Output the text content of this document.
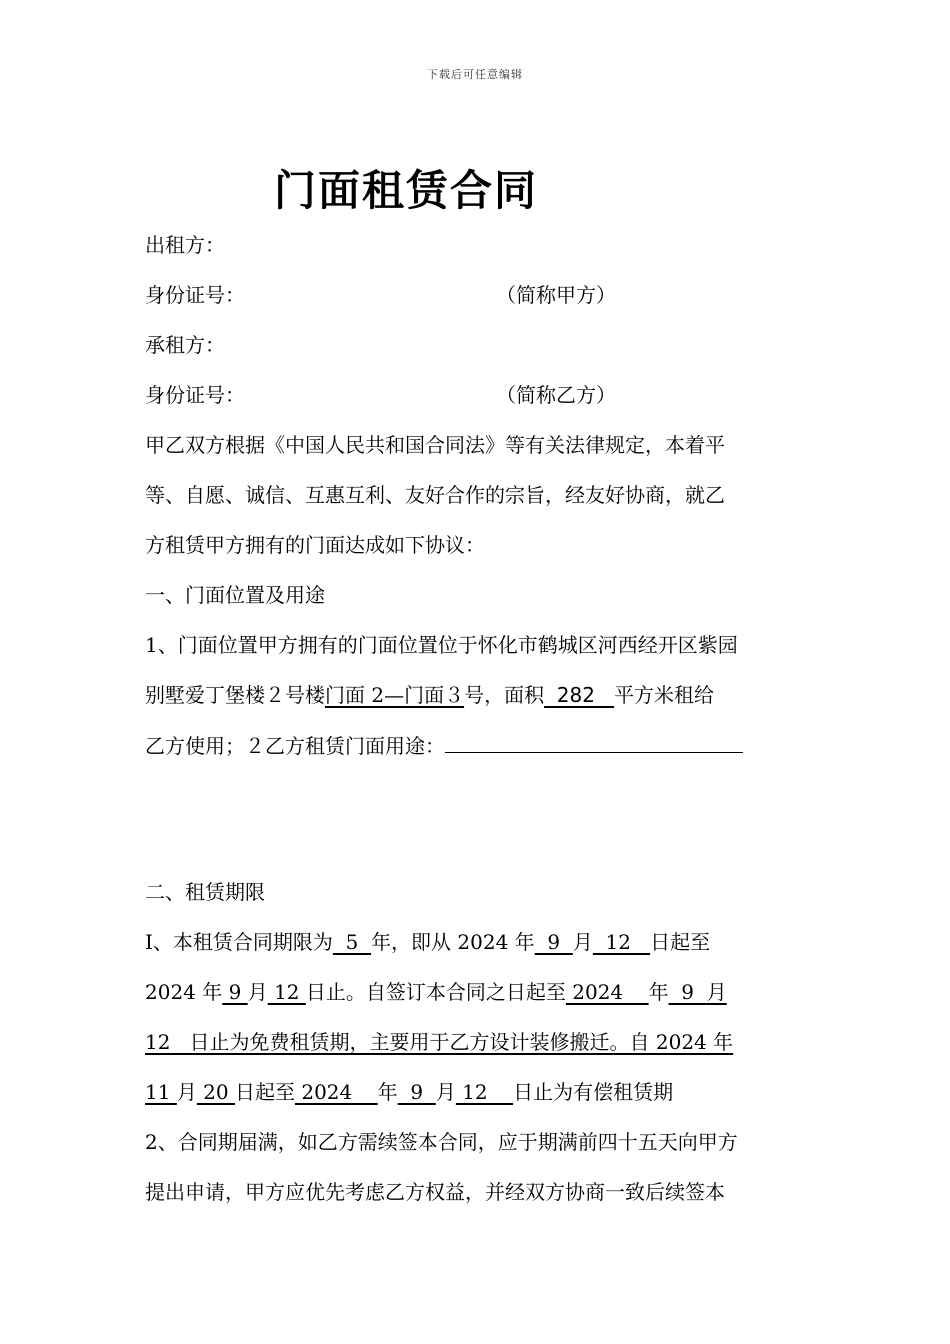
下载后可任意编辑
门面租赁合同
出租方：
身份证号：	（简称甲方）
承租方：
身份证号：	（简称乙方）
甲乙双方根据《中国人民共和国合同法》等有关法律规定，本着平
等、自愿、诚信、互惠互利、友好合作的宗旨，经友好协商，就乙
方租赁甲方拥有的门面达成如下协议：
一、门面位置及用途
1、门面位置甲方拥有的门面位置位于怀化市鹤城区河西经开区紫园
别墅爱丁堡楼２号楼门面 2—门面３号，面积  282   平方米租给
乙方使用；２乙方租赁门面用途：
二、租赁期限
I、本租赁合同期限为  5  年，即从 2024 年  9  月  12   日起至
2024 年 9 月 12 日止。自签订本合同之日起至 2024    年  9  月
12   日止为免费租赁期，主要用于乙方设计装修搬迁。自 2024 年
11 月 20 日起至 2024    年  9  月 12    日止为有偿租赁期
2、合同期届满，如乙方需续签本合同，应于期满前四十五天向甲方
提出申请，甲方应优先考虑乙方权益，并经双方协商一致后续签本
